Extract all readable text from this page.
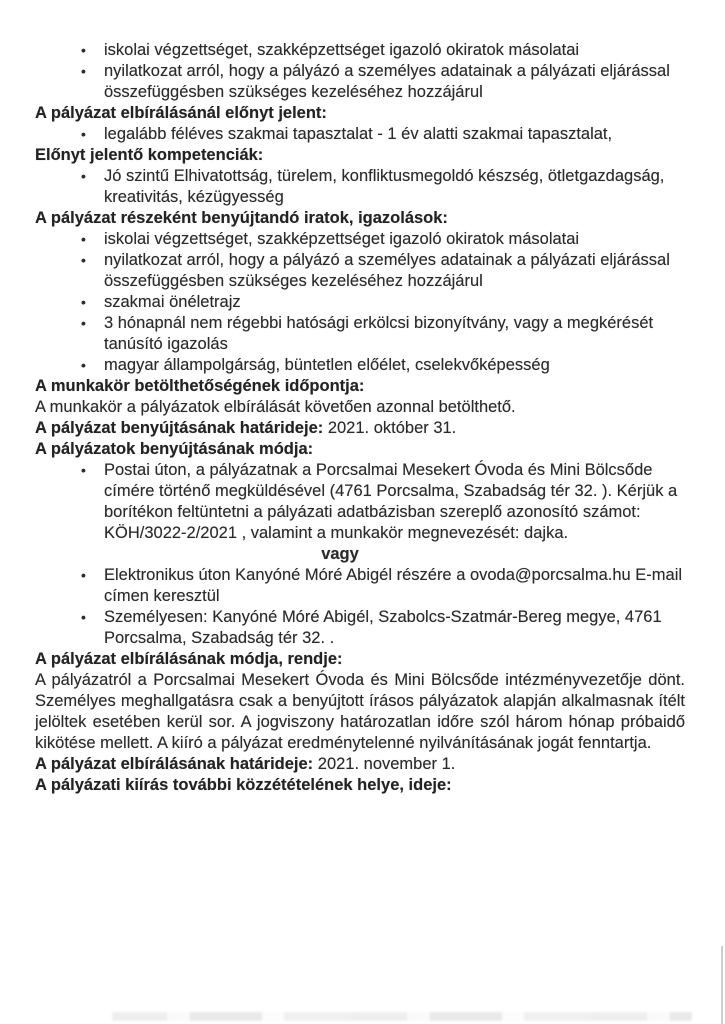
• iskolai végzettséget, szakképzettséget igazoló okiratok másolatai
• nyilatkozat arról, hogy a pályázó a személyes adatainak a pályázati eljárással összefüggésben szükséges kezeléséhez hozzájárul
A pályázat elbírálásánál előnyt jelent:
• legalább féléves szakmai tapasztalat - 1 év alatti szakmai tapasztalat,
Előnyt jelentő kompetenciák:
• Jó szintű Elhivatottság, türelem, konfliktusmegoldó készség, ötletgazdagság, kreativitás, kézügyesség
A pályázat részeként benyújtandó iratok, igazolások:
• iskolai végzettséget, szakképzettséget igazoló okiratok másolatai
• nyilatkozat arról, hogy a pályázó a személyes adatainak a pályázati eljárással összefüggésben szükséges kezeléséhez hozzájárul
• szakmai önéletrajz
• 3 hónapnál nem régebbi hatósági erkölcsi bizonyítvány, vagy a megkérését tanúsító igazolás
• magyar állampolgárság, büntetlen előélet, cselekvőképesség
A munkakör betölthetőségének időpontja:

A munkakör a pályázatok elbírálását követően azonnal betölthető.

A pályázat benyújtásának határideje: 2021. október 31.

A pályázatok benyújtásának módja:
• Postai úton, a pályázatnak a Porcsalmai Mesekert Óvoda és Mini Bölcsőde címére történő megküldésével (4761 Porcsalma, Szabadság tér 32. ). Kérjük a borítékon feltüntetni a pályázati adatbázisban szereplő azonosító számot: KÖH/3022-2/2021 , valamint a munkakör megnevezését: dajka.

vagy

• Elektronikus úton Kanyóné Móré Abigél részére a ovoda@porcsalma.hu E-mail címen keresztül
• Személyesen: Kanyóné Móré Abigél, Szabolcs-Szatmár-Bereg megye, 4761 Porcsalma, Szabadság tér 32. .
A pályázat elbírálásának módja, rendje:

A pályázatról a Porcsalmai Mesekert Óvoda és Mini Bölcsőde intézményvezetője dönt. Személyes meghallgatásra csak a benyújtott írásos pályázatok alapján alkalmasnak ítélt jelöltek esetében kerül sor. A jogviszony határozatlan időre szól három hónap próbaidő kikötése mellett. A kiíró a pályázat eredménytelenné nyilvánításának jogát fenntartja.

A pályázat elbírálásának határideje: 2021. november 1.

A pályázati kiírás további közzétételének helye, ideje:
